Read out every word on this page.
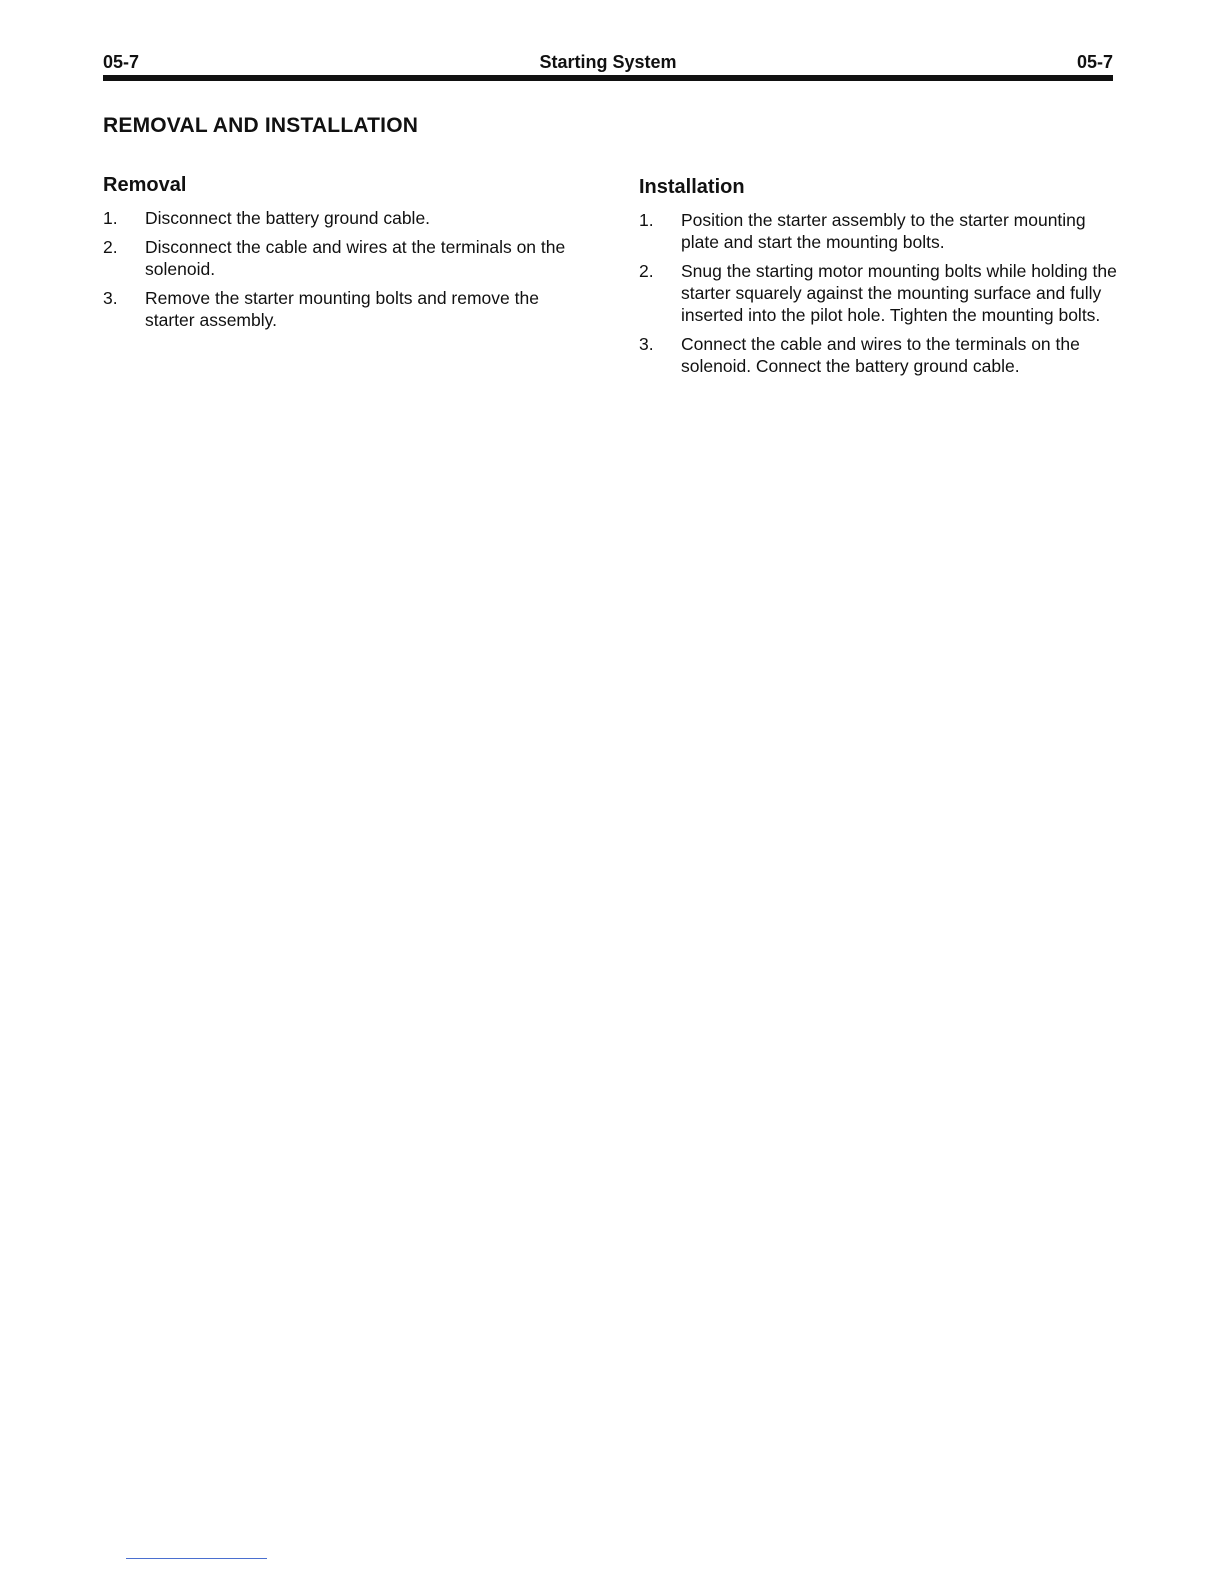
05-7	Starting System	05-7
REMOVAL AND INSTALLATION
Removal
1. Disconnect the battery ground cable.
2. Disconnect the cable and wires at the terminals on the solenoid.
3. Remove the starter mounting bolts and remove the starter assembly.
Installation
1. Position the starter assembly to the starter mounting plate and start the mounting bolts.
2. Snug the starting motor mounting bolts while holding the starter squarely against the mounting surface and fully inserted into the pilot hole. Tighten the mounting bolts.
3. Connect the cable and wires to the terminals on the solenoid. Connect the battery ground cable.
